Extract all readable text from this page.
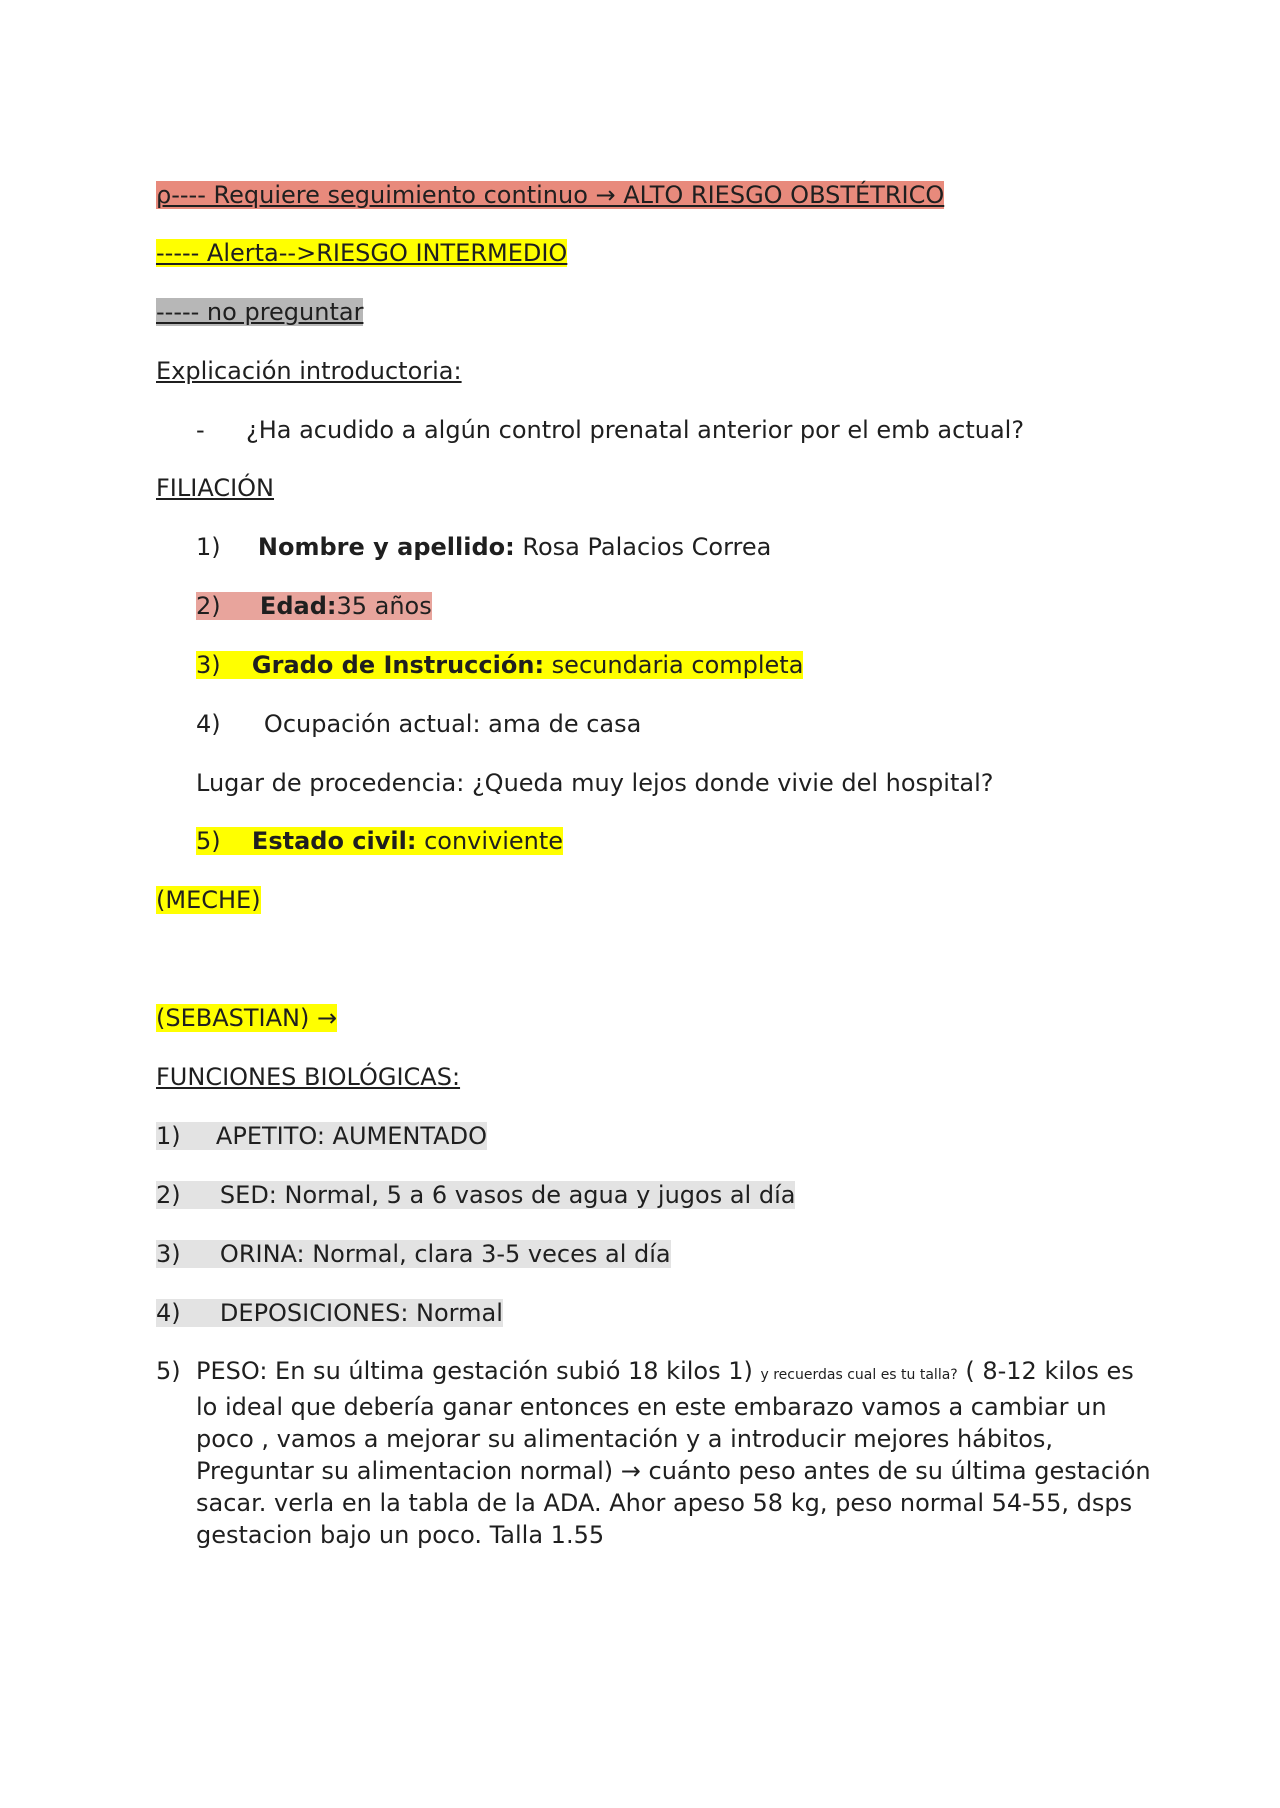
ρ---- Requiere seguimiento continuo → ALTO RIESGO OBSTÉTRICO
----- Alerta-->RIESGO INTERMEDIO
----- no preguntar
Explicación introductoria:
- ¿Ha acudido a algún control prenatal anterior por el emb actual?
FILIACIÓN
1) Nombre y apellido: Rosa Palacios Correa
2) Edad:35 años
3) Grado de Instrucción: secundaria completa
4) Ocupación actual: ama de casa
Lugar de procedencia: ¿Queda muy lejos donde vivie del hospital?
5) Estado civil: conviviente
(MECHE)
(SEBASTIAN) →
FUNCIONES BIOLÓGICAS:
1) APETITO: AUMENTADO
2) SED: Normal, 5 a 6 vasos de agua y jugos al día
3) ORINA: Normal, clara 3-5 veces al día
4) DEPOSICIONES: Normal
5) PESO: En su última gestación subió 18 kilos 1) y recuerdas cual es tu talla? ( 8-12 kilos es lo ideal que debería ganar entonces en este embarazo vamos a cambiar un poco , vamos a mejorar su alimentación y a introducir mejores hábitos, Preguntar su alimentacion normal) → cuánto peso antes de su última gestación sacar. verla en la tabla de la ADA. Ahor apeso 58 kg, peso normal 54-55, dsps gestacion bajo un poco. Talla 1.55
